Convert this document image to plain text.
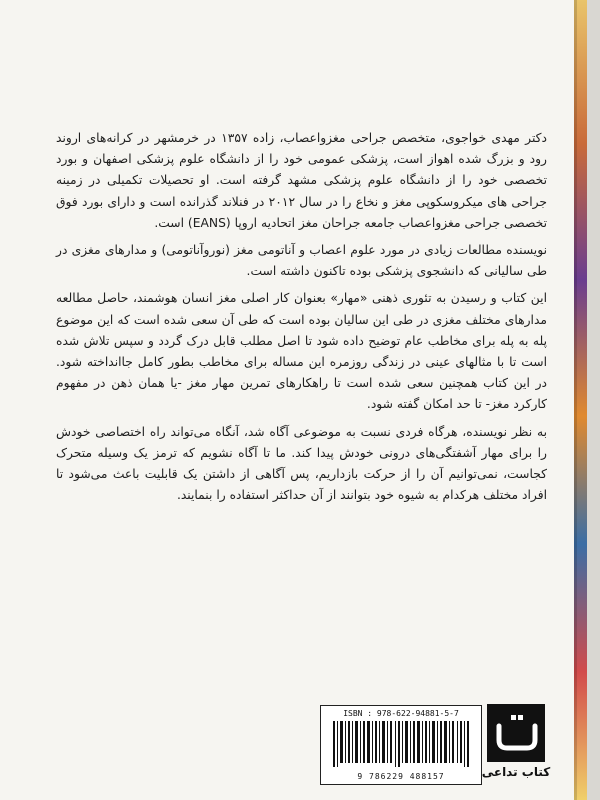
دکتر مهدی خواجوی، متخصص جراحی مغزواعصاب، زاده ۱۳۵۷ در خرمشهر در کرانه‌های اروند رود و بزرگ شده اهواز است، پزشکی عمومی خود را از دانشگاه علوم پزشکی اصفهان و بورد تخصصی خود را از دانشگاه علوم پزشکی مشهد گرفته است. او تحصیلات تکمیلی در زمینه جراحی های میکروسکوپی مغز و نخاع را در سال ۲۰۱۲ در فنلاند گذرانده است و دارای بورد فوق تخصصی جراحی مغزواعصاب جامعه جراحان مغز اتحادیه اروپا (EANS) است.

نویسنده مطالعات زیادی در مورد علوم اعصاب و آناتومی مغز (نوروآناتومی) و مدارهای مغزی در طی سالیانی که دانشجوی پزشکی بوده تاکنون داشته است.

این کتاب و رسیدن به تئوری ذهنی «مهار» بعنوان کار اصلی مغز انسان هوشمند، حاصل مطالعه مدارهای مختلف مغزی در طی این سالیان بوده است که طی آن سعی شده است که این موضوع پله به پله برای مخاطب عام توضیح داده شود تا اصل مطلب قابل درک گردد و سپس تلاش شده است تا با مثالهای عینی در زندگی روزمره این مساله برای مخاطب بطور کامل جاانداخته شود. در این کتاب همچنین سعی شده است تا راهکارهای تمرین مهار مغز -یا همان ذهن در مفهوم کارکرد مغز- تا حد امکان گفته شود.

به نظر نویسنده، هرگاه فردی نسبت به موضوعی آگاه شد، آنگاه می‌تواند راه اختصاصی خودش را برای مهار آشفتگی‌های درونی خودش پیدا کند. ما تا آگاه نشویم که ترمز یک وسیله متحرک کجاست، نمی‌توانیم آن را از حرکت بازداریم، پس آگاهی از داشتن یک قابلیت باعث می‌شود تا افراد مختلف هرکدام به شیوه خود بتوانند از آن حداکثر استفاده را بنمایند.

ISBN : 978-622-94881-5-7
9 786229 488157	کتاب تداعی
